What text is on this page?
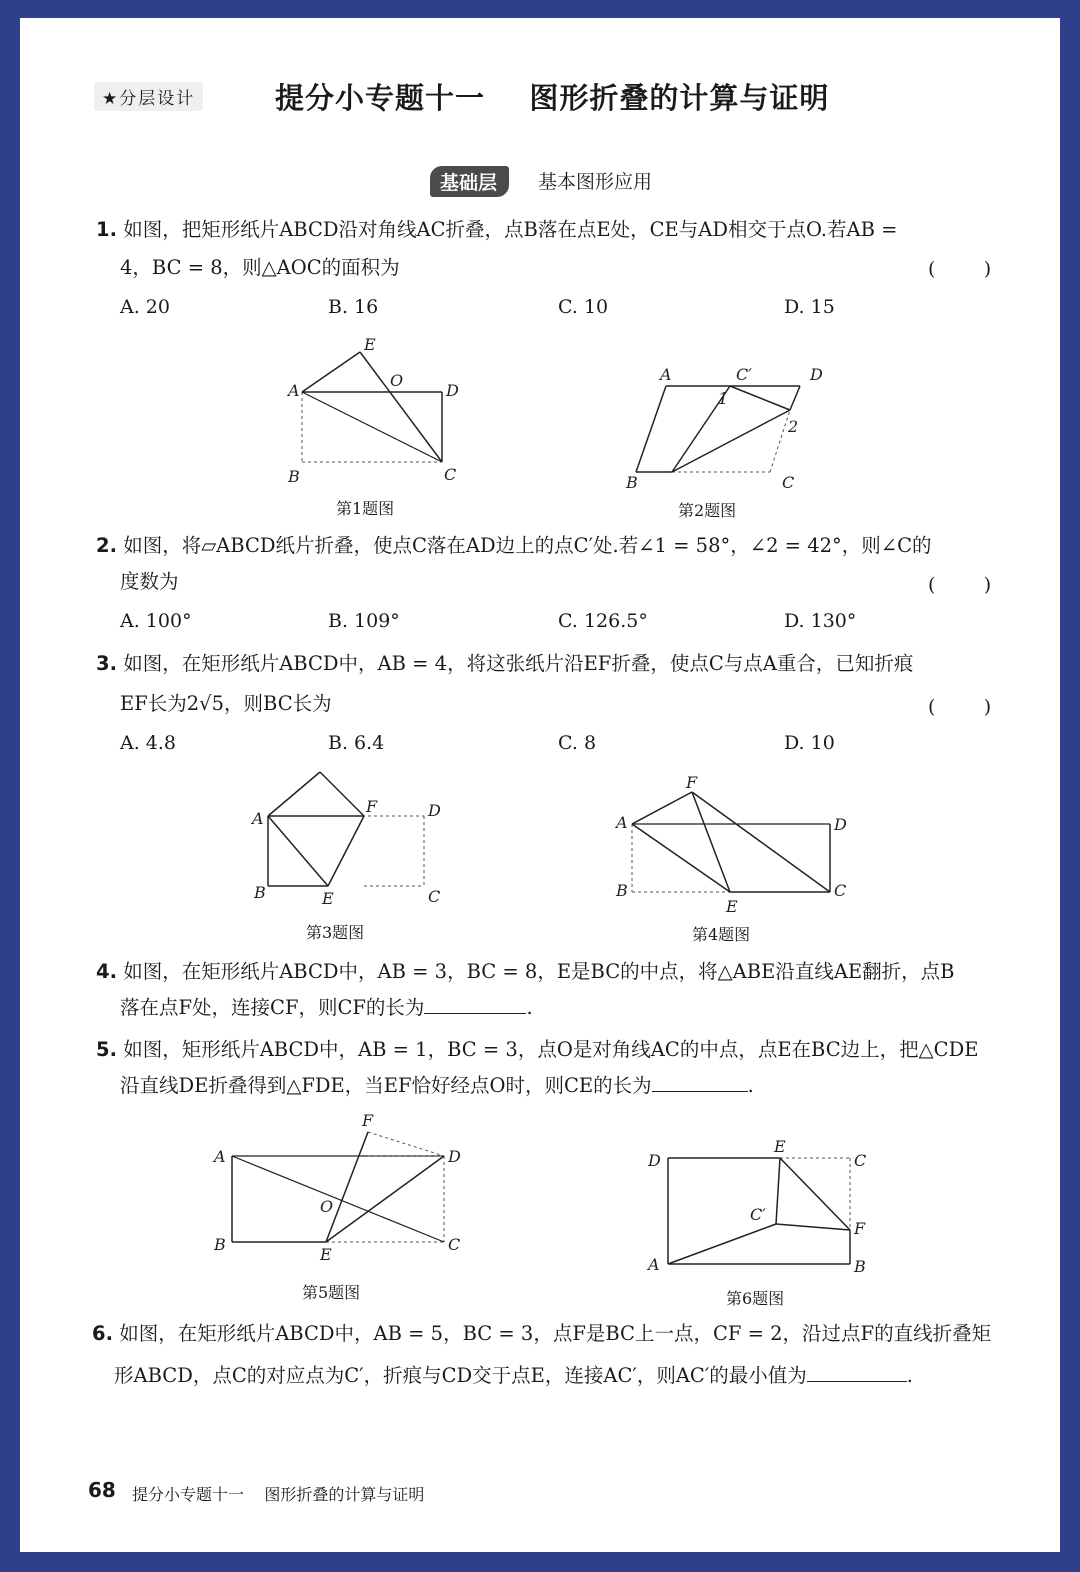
★分层设计	提分小专题十一    图形折叠的计算与证明
基础层	基本图形应用
1. 如图，把矩形纸片ABCD沿对角线AC折叠，点B落在点E处，CE与AD相交于点O.若AB =
4，BC = 8，则△AOC的面积为	(        )
A. 20	B. 16	C. 10	D. 15
A
B	C
D
E
O
第1题图
A	C′	D
1
2
B	C
第2题图
2. 如图，将▱ABCD纸片折叠，使点C落在AD边上的点C′处.若∠1 = 58°，∠2 = 42°，则∠C的
度数为	(        )
A. 100°	B. 109°	C. 126.5°	D. 130°
3. 如图，在矩形纸片ABCD中，AB = 4，将这张纸片沿EF折叠，使点C与点A重合，已知折痕
EF长为2√5，则BC长为	(        )
A. 4.8	B. 6.4	C. 8	D. 10
A
F	D
B	E	C
第3题图
F
A	D
B
E
C
第4题图
4. 如图，在矩形纸片ABCD中，AB = 3，BC = 8，E是BC的中点，将△ABE沿直线AE翻折，点B
落在点F处，连接CF，则CF的长为	.
5. 如图，矩形纸片ABCD中，AB = 1，BC = 3，点O是对角线AC的中点，点E在BC边上，把△CDE
沿直线DE折叠得到△FDE，当EF恰好经点O时，则CE的长为	.
F
A	D
O
B
E
C
第5题图
D
E
C
C′
F
A	B
第6题图
6. 如图，在矩形纸片ABCD中，AB = 5，BC = 3，点F是BC上一点，CF = 2，沿过点F的直线折叠矩
形ABCD，点C的对应点为C′，折痕与CD交于点E，连接AC′，则AC′的最小值为	.
68 提分小专题十一    图形折叠的计算与证明
